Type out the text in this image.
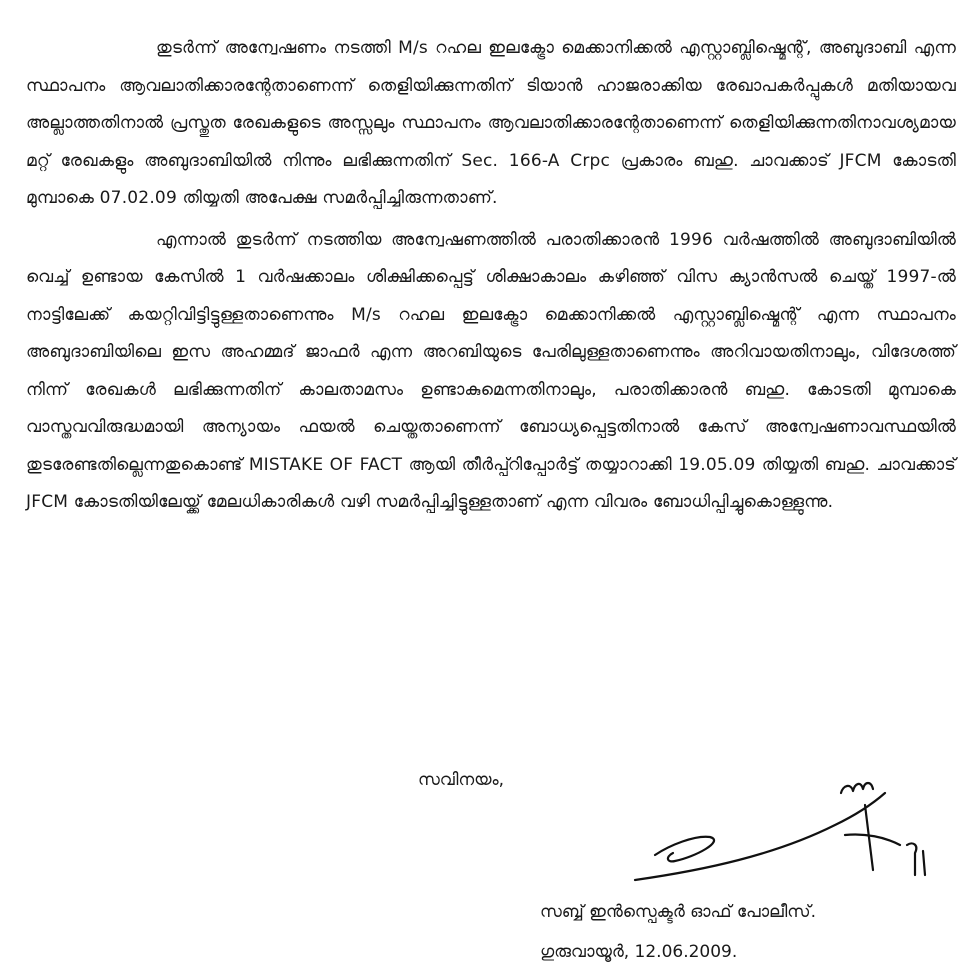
തുടർന്ന് അന്വേഷണം നടത്തി M/s റഹല ഇലക്ട്രോ മെക്കാനിക്കൽ എസ്റ്റാബ്ലിഷ്മെന്റ്, അബുദാബി എന്ന സ്ഥാപനം ആവലാതിക്കാരന്റേതാണെന്ന് തെളിയിക്കുന്നതിന് ടിയാൻ ഹാജരാക്കിയ രേഖാപകർപ്പുകൾ മതിയായവ അല്ലാത്തതിനാൽ പ്രസ്തുത രേഖകളുടെ അസ്സലും സ്ഥാപനം ആവലാതിക്കാരന്റേതാണെന്ന് തെളിയിക്കുന്നതിനാവശ്യമായ മറ്റ് രേഖകളും അബുദാബിയിൽ നിന്നും ലഭിക്കുന്നതിന് Sec. 166-A Crpc പ്രകാരം ബഹു. ചാവക്കാട് JFCM കോടതി മുമ്പാകെ 07.02.09 തിയ്യതി അപേക്ഷ സമർപ്പിച്ചിരുന്നതാണ്.

എന്നാൽ തുടർന്ന് നടത്തിയ അന്വേഷണത്തിൽ പരാതിക്കാരൻ 1996 വർഷത്തിൽ അബുദാബിയിൽ വെച്ച് ഉണ്ടായ കേസിൽ 1 വർഷക്കാലം ശിക്ഷിക്കപ്പെട്ട് ശിക്ഷാകാലം കഴിഞ്ഞ് വിസ ക്യാൻസൽ ചെയ്ത് 1997-ൽ നാട്ടിലേക്ക് കയറ്റിവിട്ടിട്ടുള്ളതാണെന്നും M/s റഹല ഇലക്ട്രോ മെക്കാനിക്കൽ എസ്റ്റാബ്ലിഷ്മെന്റ് എന്ന സ്ഥാപനം അബുദാബിയിലെ ഇസ അഹമ്മദ് ജാഫർ എന്ന അറബിയുടെ പേരിലുള്ളതാണെന്നും അറിവായതിനാലും, വിദേശത്ത് നിന്ന് രേഖകൾ ലഭിക്കുന്നതിന് കാലതാമസം ഉണ്ടാകുമെന്നതിനാലും, പരാതിക്കാരൻ ബഹു. കോടതി മുമ്പാകെ വാസ്തവവിരുദ്ധമായി അന്യായം ഫയൽ ചെയ്തതാണെന്ന് ബോധ്യപ്പെട്ടതിനാൽ കേസ് അന്വേഷണാവസ്ഥയിൽ തുടരേണ്ടതില്ലെന്നതുകൊണ്ട് MISTAKE OF FACT ആയി തീർപ്പ്റിപ്പോർട്ട് തയ്യാറാക്കി 19.05.09 തിയ്യതി ബഹു. ചാവക്കാട് JFCM കോടതിയിലേയ്ക്ക് മേലധികാരികൾ വഴി സമർപ്പിച്ചിട്ടുള്ളതാണ് എന്ന വിവരം ബോധിപ്പിച്ചുകൊള്ളുന്നു.

സവിനയം,

സബ്ബ് ഇൻസ്പെക്ടർ ഓഫ് പോലീസ്.
ഗുരുവായൂർ, 12.06.2009.
